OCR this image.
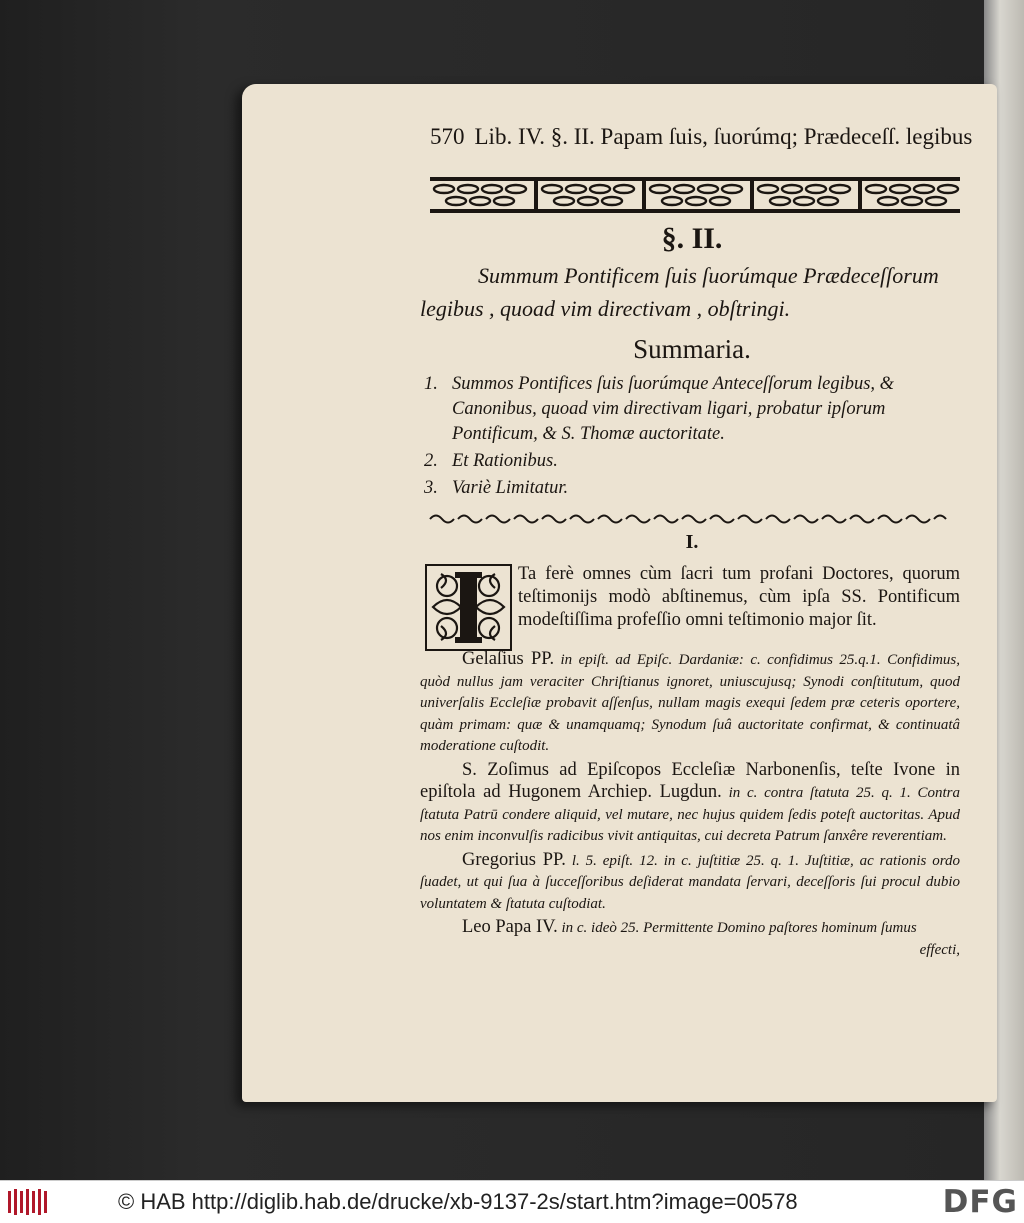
570 Lib. IV. §. II. Papam ſuis, ſuorúmq; Prædeceſſ. legibus
§. II.
Summum Pontificem ſuis ſuorúmque Prædeceſſorum legibus , quoad vim directivam , obſtringi.
Summaria.
1. Summos Pontifices ſuis ſuorúmque Anteceſſorum legibus, & Canonibus, quoad vim directivam ligari, probatur ipſorum Pontificum, & S. Thomæ auctoritate.
2. Et Rationibus.
3. Variè Limitatur.
I.
Ta ferè omnes cùm ſacri tum profani Doctores, quorum teſtimonijs modò abſtinemus, cùm ipſa SS. Pontificum modeſtiſſima profeſſio omni teſtimonio major ſit.
Gelaſius PP. in epiſt. ad Epiſc. Dardaniæ: c. confidimus 25.q.1. Confidimus, quòd nullus jam veraciter Chriſtianus ignoret, uniuscujusq; Synodi conſtitutum, quod univerſalis Eccleſiæ probavit aſſenſus, nullam magis exequi ſedem præ ceteris oportere, quàm primam: quæ & unamquamq; Synodum ſuâ auctoritate confirmat, & continuatâ moderatione cuſtodit.
S. Zoſimus ad Epiſcopos Eccleſiæ Narbonenſis, teſte Ivone in epiſtola ad Hugonem Archiep. Lugdun. in c. contra ſtatuta 25. q. 1. Contra ſtatuta Patrū condere aliquid, vel mutare, nec hujus quidem ſedis poteſt auctoritas. Apud nos enim inconvulſis radicibus vivit antiquitas, cui decreta Patrum ſanxêre reverentiam.
Gregorius PP. l. 5. epiſt. 12. in c. juſtitiæ 25. q. 1. Juſtitiæ, ac rationis ordo ſuadet, ut qui ſua à ſucceſſoribus deſiderat mandata ſervari, deceſſoris ſui procul dubio voluntatem & ſtatuta cuſtodiat.
Leo Papa IV. in c. ideò 25. Permittente Domino paſtores hominum ſumus
effecti,
© HAB http://diglib.hab.de/drucke/xb-9137-2s/start.htm?image=00578	DFG
